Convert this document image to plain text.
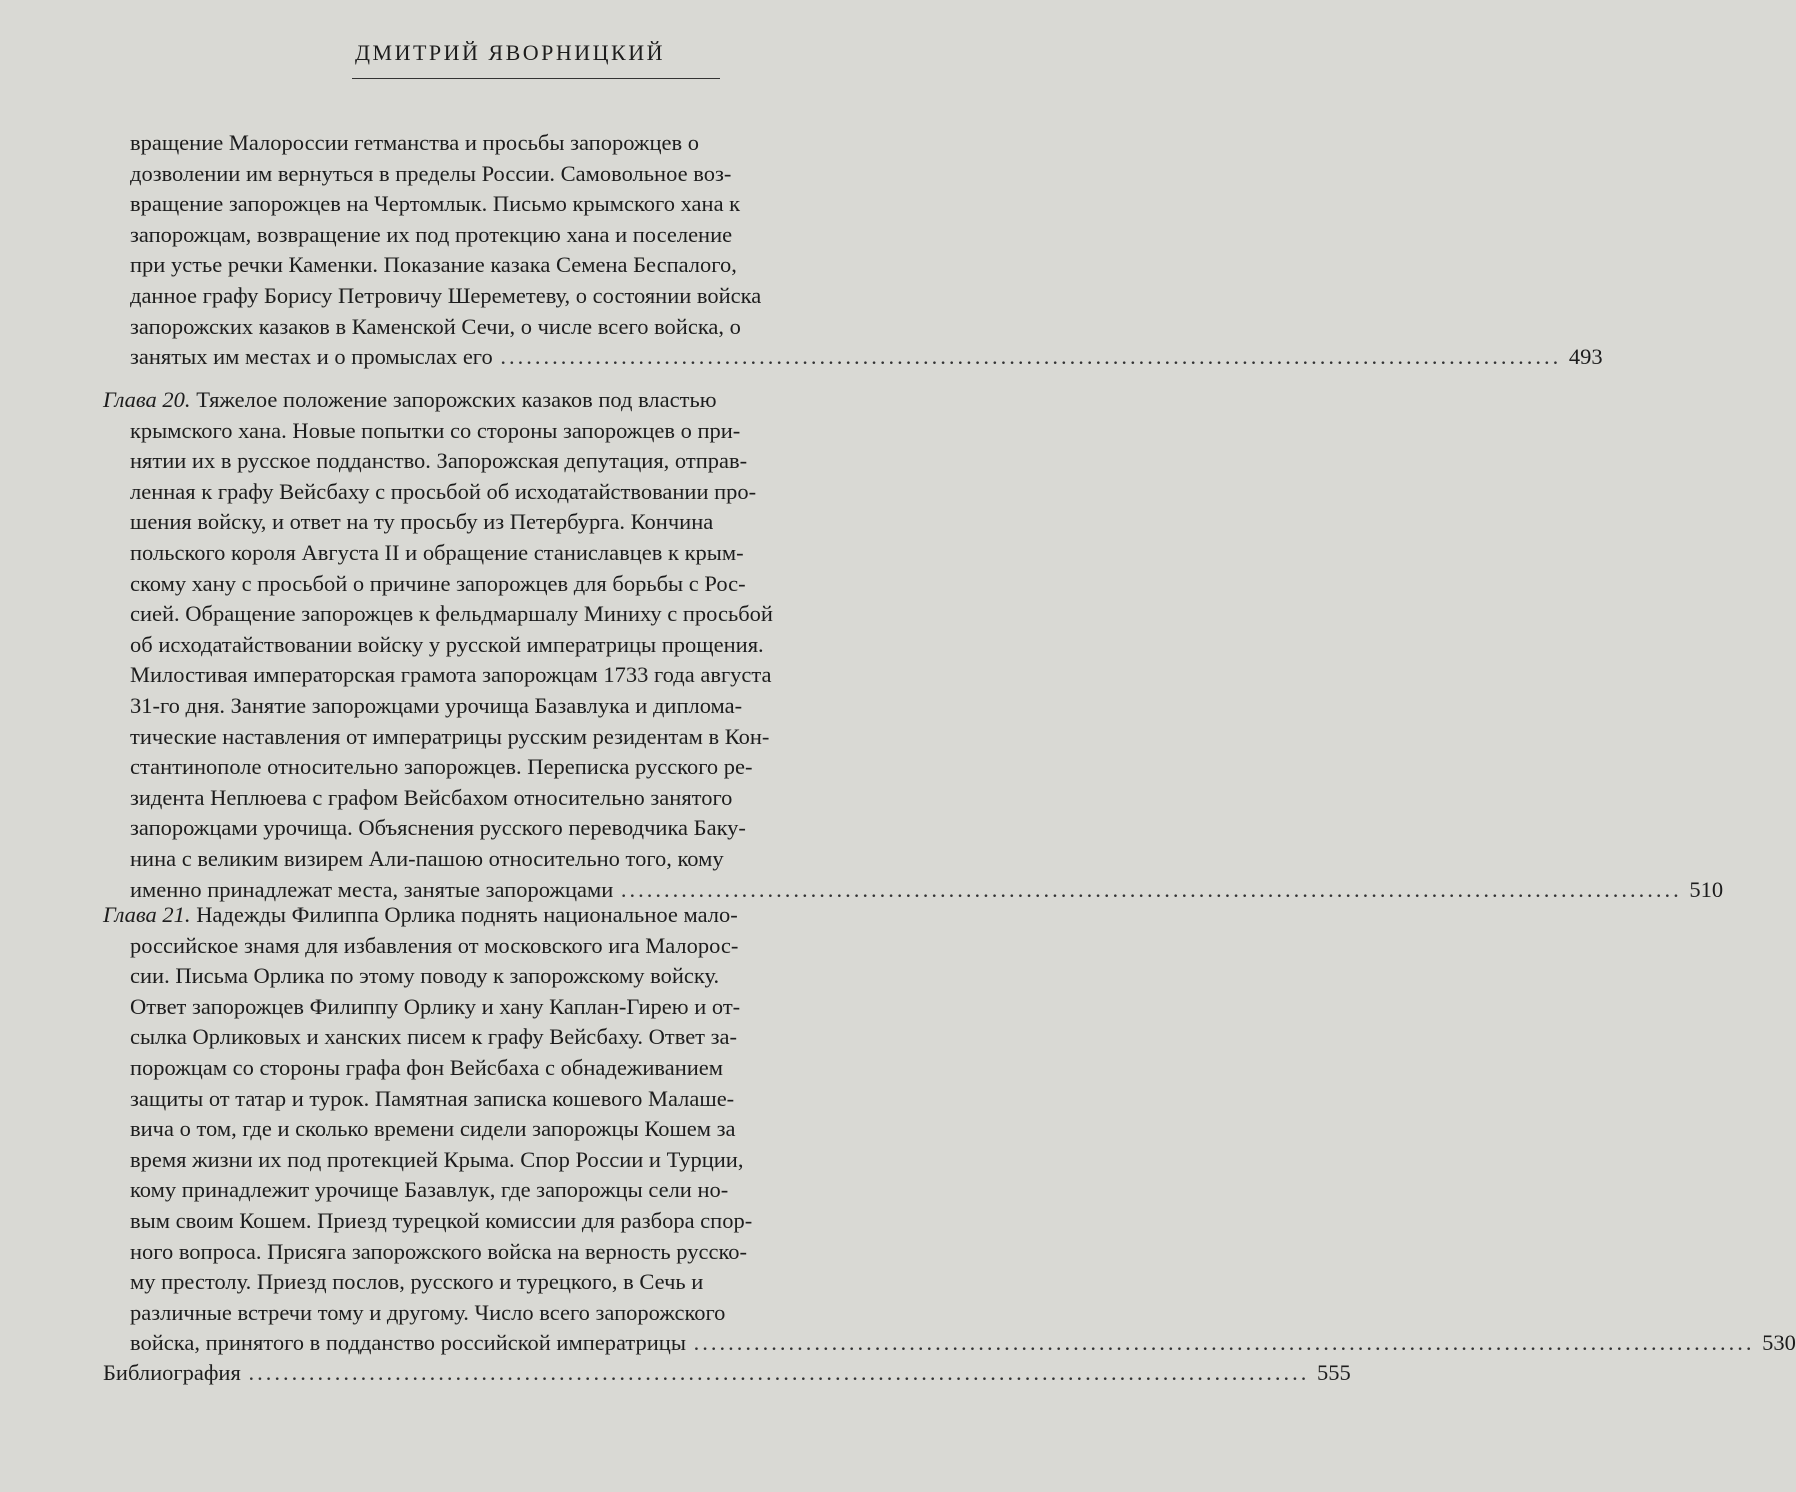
ДМИТРИЙ ЯВОРНИЦКИЙ
вращение Малороссии гетманства и просьбы запорожцев о
дозволении им вернуться в пределы России. Самовольное воз-
вращение запорожцев на Чертомлык. Письмо крымского хана к
запорожцам, возвращение их под протекцию хана и поселение
при устье речки Каменки. Показание казака Семена Беспалого,
данное графу Борису Петровичу Шереметеву, о состоянии войска
запорожских казаков в Каменской Сечи, о числе всего войска, о
занятых им местах и о промыслах его ........................................................................................................................... 493
Глава 20. Тяжелое положение запорожских казаков под властью
крымского хана. Новые попытки со стороны запорожцев о при-
нятии их в русское подданство. Запорожская депутация, отправ-
ленная к графу Вейсбаху с просьбой об исходатайствовании про-
шения войску, и ответ на ту просьбу из Петербурга. Кончина
польского короля Августа II и обращение станиславцев к крым-
скому хану с просьбой о причине запорожцев для борьбы с Рос-
сией. Обращение запорожцев к фельдмаршалу Миниху с просьбой
об исходатайствовании войску у русской императрицы прощения.
Милостивая императорская грамота запорожцам 1733 года августа
31-го дня. Занятие запорожцами урочища Базавлука и диплома-
тические наставления от императрицы русским резидентам в Кон-
стантинополе относительно запорожцев. Переписка русского ре-
зидента Неплюева с графом Вейсбахом относительно занятого
запорожцами урочища. Объяснения русского переводчика Баку-
нина с великим визирем Али-пашою относительно того, кому
именно принадлежат места, занятые запорожцами ........................................................................................................................... 510
Глава 21. Надежды Филиппа Орлика поднять национальное мало-
российское знамя для избавления от московского ига Малорос-
сии. Письма Орлика по этому поводу к запорожскому войску.
Ответ запорожцев Филиппу Орлику и хану Каплан-Гирею и от-
сылка Орликовых и ханских писем к графу Вейсбаху. Ответ за-
порожцам со стороны графа фон Вейсбаха с обнадеживанием
защиты от татар и турок. Памятная записка кошевого Малаше-
вича о том, где и сколько времени сидели запорожцы Кошем за
время жизни их под протекцией Крыма. Спор России и Турции,
кому принадлежит урочище Базавлук, где запорожцы сели но-
вым своим Кошем. Приезд турецкой комиссии для разбора спор-
ного вопроса. Присяга запорожского войска на верность русско-
му престолу. Приезд послов, русского и турецкого, в Сечь и
различные встречи тому и другому. Число всего запорожского
войска, принятого в подданство российской императрицы ........................................................................................................................... 530
Библиография ........................................................................................................................... 555
